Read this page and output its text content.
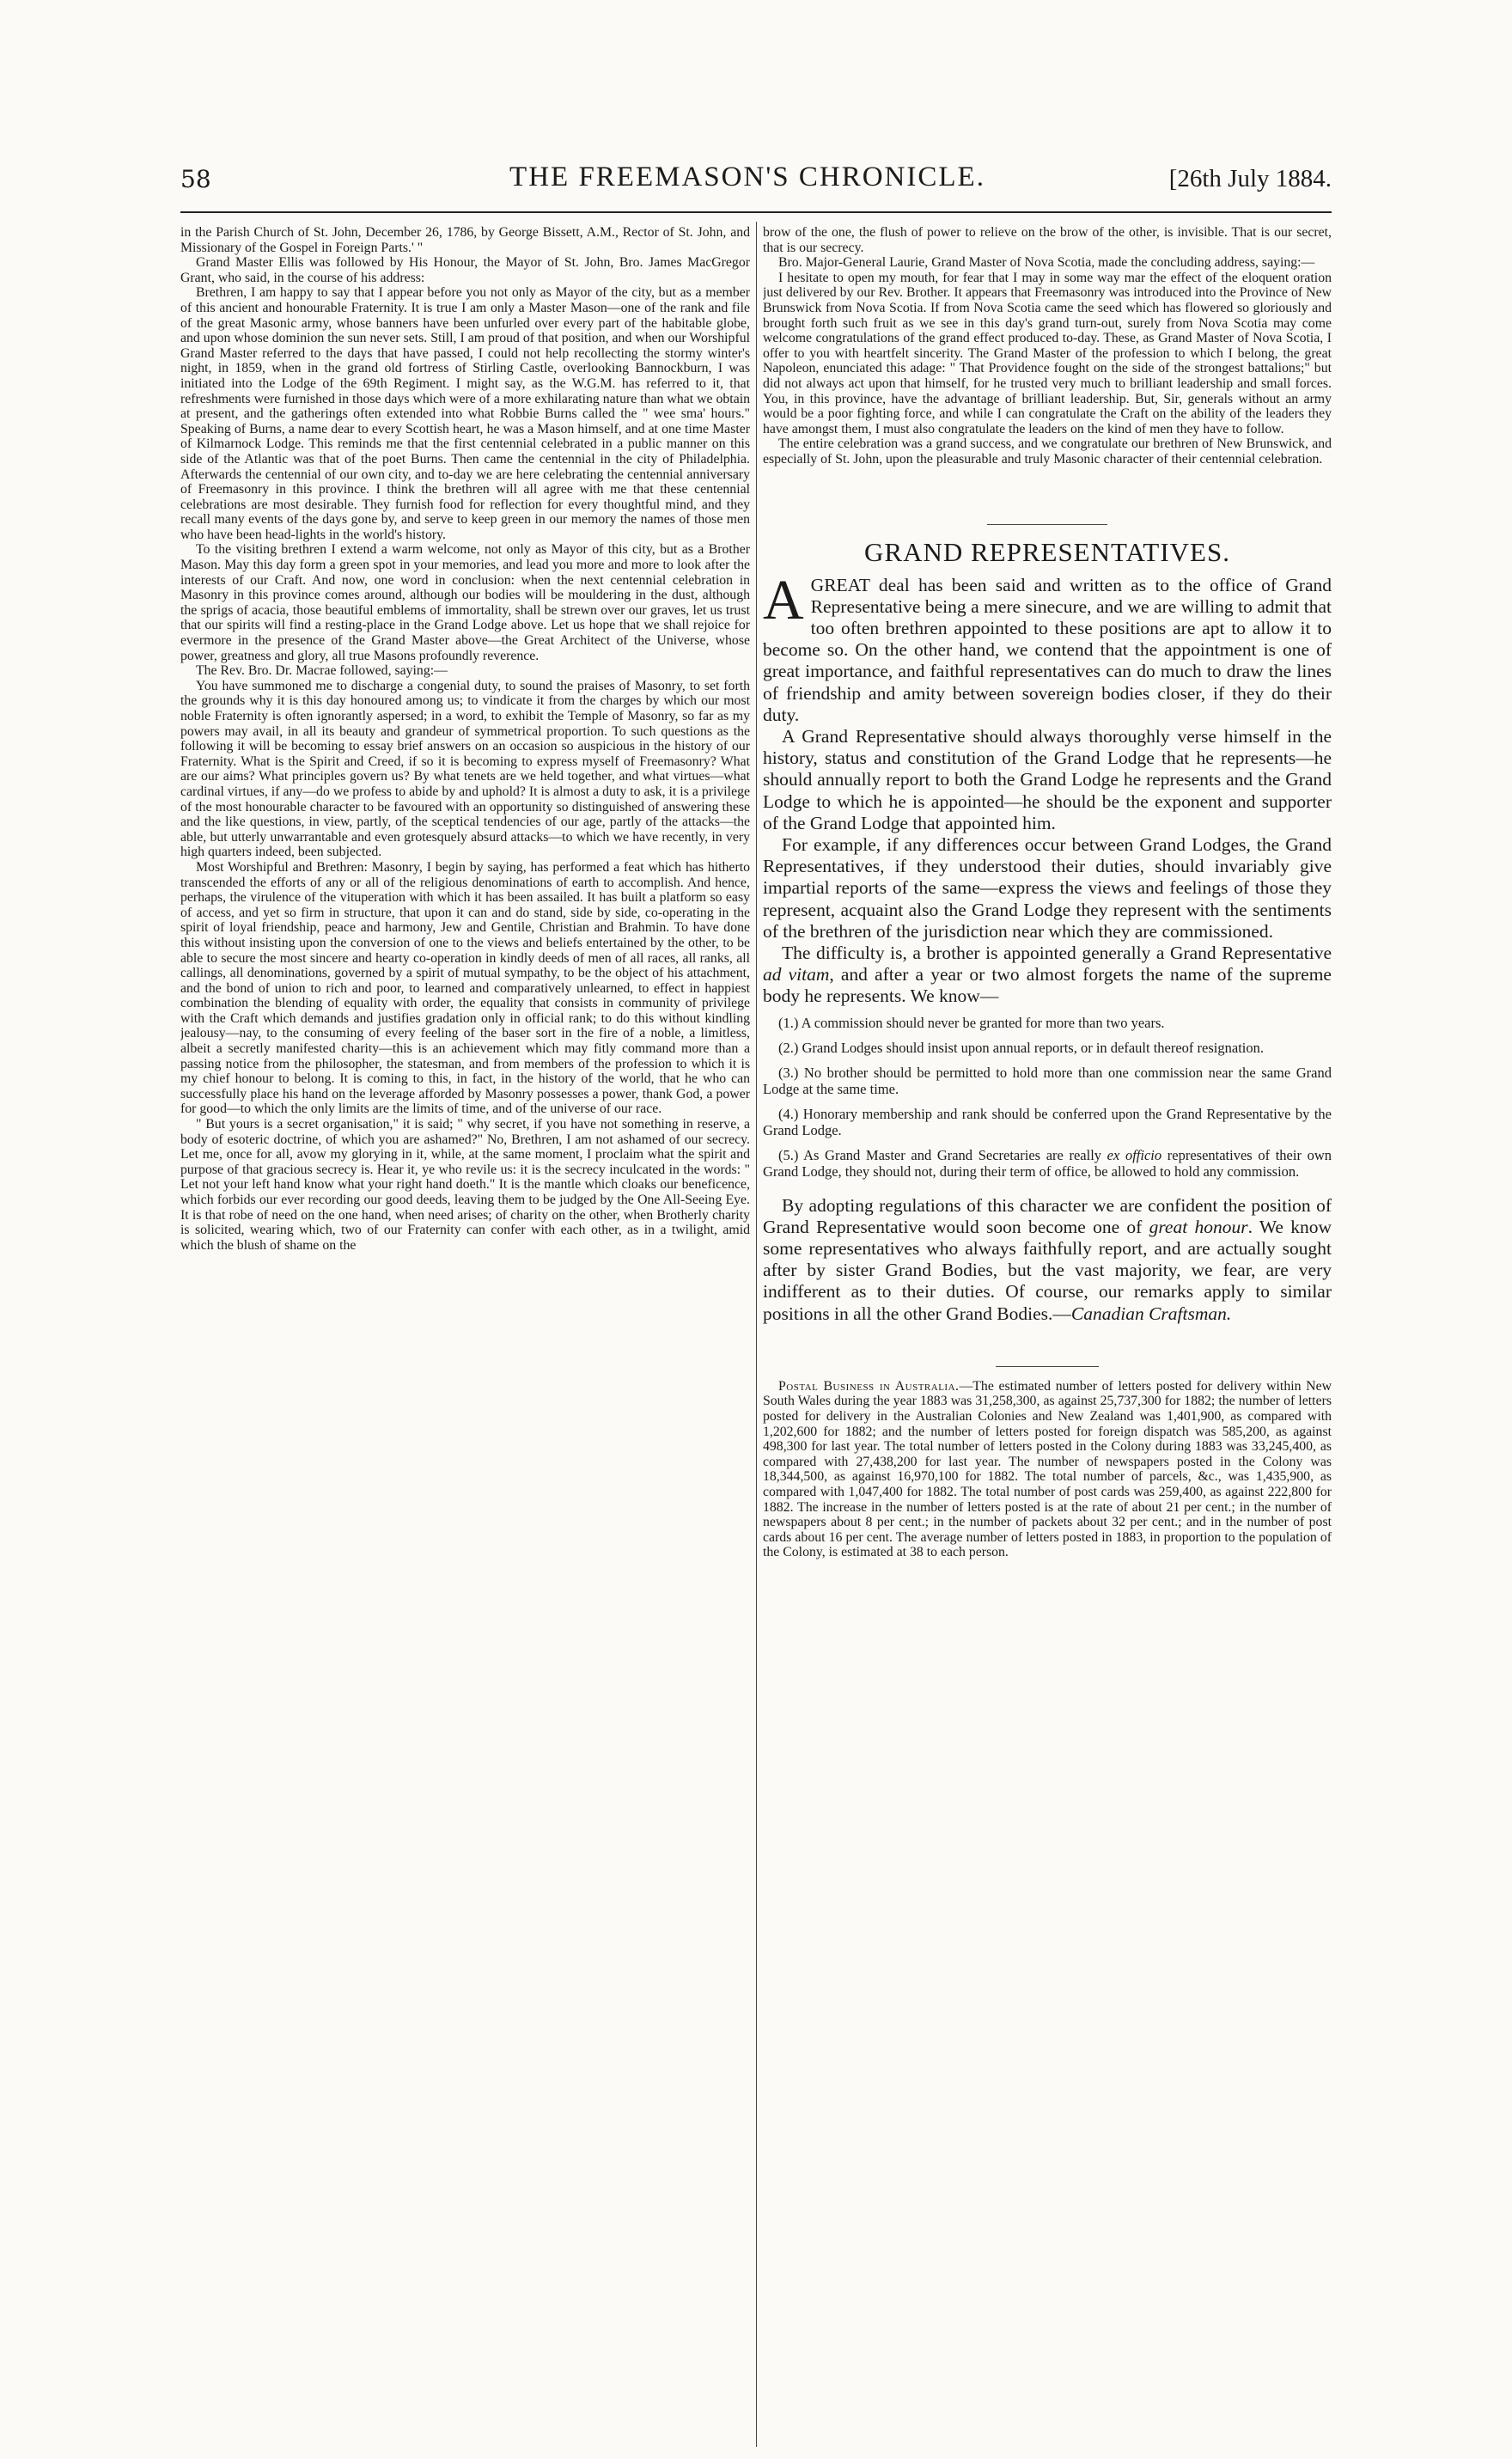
58	THE FREEMASON'S CHRONICLE.	[26th July 1884.

in the Parish Church of St. John, December 26, 1786, by George Bissett, A.M., Rector of St. John, and Missionary of the Gospel in Foreign Parts.' "

Grand Master Ellis was followed by His Honour, the Mayor of St. John, Bro. James MacGregor Grant, who said, in the course of his address:

Brethren, I am happy to say that I appear before you not only as Mayor of the city, but as a member of this ancient and honourable Fraternity. It is true I am only a Master Mason—one of the rank and file of the great Masonic army, whose banners have been unfurled over every part of the habitable globe, and upon whose dominion the sun never sets. Still, I am proud of that position, and when our Worshipful Grand Master referred to the days that have passed, I could not help recollecting the stormy winter's night, in 1859, when in the grand old fortress of Stirling Castle, overlooking Bannockburn, I was initiated into the Lodge of the 69th Regiment. I might say, as the W.G.M. has referred to it, that refreshments were furnished in those days which were of a more exhilarating nature than what we obtain at present, and the gatherings often extended into what Robbie Burns called the " wee sma' hours." Speaking of Burns, a name dear to every Scottish heart, he was a Mason himself, and at one time Master of Kilmarnock Lodge. This reminds me that the first centennial celebrated in a public manner on this side of the Atlantic was that of the poet Burns. Then came the centennial in the city of Philadelphia. Afterwards the centennial of our own city, and to-day we are here celebrating the centennial anniversary of Freemasonry in this province. I think the brethren will all agree with me that these centennial celebrations are most desirable. They furnish food for reflection for every thoughtful mind, and they recall many events of the days gone by, and serve to keep green in our memory the names of those men who have been head-lights in the world's history.

To the visiting brethren I extend a warm welcome, not only as Mayor of this city, but as a Brother Mason. May this day form a green spot in your memories, and lead you more and more to look after the interests of our Craft. And now, one word in conclusion: when the next centennial celebration in Masonry in this province comes around, although our bodies will be mouldering in the dust, although the sprigs of acacia, those beautiful emblems of immortality, shall be strewn over our graves, let us trust that our spirits will find a resting-place in the Grand Lodge above. Let us hope that we shall rejoice for evermore in the presence of the Grand Master above—the Great Architect of the Universe, whose power, greatness and glory, all true Masons profoundly reverence.

The Rev. Bro. Dr. Macrae followed, saying:—

You have summoned me to discharge a congenial duty, to sound the praises of Masonry, to set forth the grounds why it is this day honoured among us; to vindicate it from the charges by which our most noble Fraternity is often ignorantly aspersed; in a word, to exhibit the Temple of Masonry, so far as my powers may avail, in all its beauty and grandeur of symmetrical proportion. To such questions as the following it will be becoming to essay brief answers on an occasion so auspicious in the history of our Fraternity. What is the Spirit and Creed, if so it is becoming to express myself of Freemasonry? What are our aims? What principles govern us? By what tenets are we held together, and what virtues—what cardinal virtues, if any—do we profess to abide by and uphold? It is almost a duty to ask, it is a privilege of the most honourable character to be favoured with an opportunity so distinguished of answering these and the like questions, in view, partly, of the sceptical tendencies of our age, partly of the attacks—the able, but utterly unwarrantable and even grotesquely absurd attacks—to which we have recently, in very high quarters indeed, been subjected.

Most Worshipful and Brethren: Masonry, I begin by saying, has performed a feat which has hitherto transcended the efforts of any or all of the religious denominations of earth to accomplish. And hence, perhaps, the virulence of the vituperation with which it has been assailed. It has built a platform so easy of access, and yet so firm in structure, that upon it can and do stand, side by side, co-operating in the spirit of loyal friendship, peace and harmony, Jew and Gentile, Christian and Brahmin. To have done this without insisting upon the conversion of one to the views and beliefs entertained by the other, to be able to secure the most sincere and hearty co-operation in kindly deeds of men of all races, all ranks, all callings, all denominations, governed by a spirit of mutual sympathy, to be the object of his attachment, and the bond of union to rich and poor, to learned and comparatively unlearned, to effect in happiest combination the blending of equality with order, the equality that consists in community of privilege with the Craft which demands and justifies gradation only in official rank; to do this without kindling jealousy—nay, to the consuming of every feeling of the baser sort in the fire of a noble, a limitless, albeit a secretly manifested charity—this is an achievement which may fitly command more than a passing notice from the philosopher, the statesman, and from members of the profession to which it is my chief honour to belong. It is coming to this, in fact, in the history of the world, that he who can successfully place his hand on the leverage afforded by Masonry possesses a power, thank God, a power for good—to which the only limits are the limits of time, and of the universe of our race.

" But yours is a secret organisation," it is said; " why secret, if you have not something in reserve, a body of esoteric doctrine, of which you are ashamed?" No, Brethren, I am not ashamed of our secrecy. Let me, once for all, avow my glorying in it, while, at the same moment, I proclaim what the spirit and purpose of that gracious secrecy is. Hear it, ye who revile us: it is the secrecy inculcated in the words: " Let not your left hand know what your right hand doeth." It is the mantle which cloaks our beneficence, which forbids our ever recording our good deeds, leaving them to be judged by the One All-Seeing Eye. It is that robe of need on the one hand, when need arises; of charity on the other, when Brotherly charity is solicited, wearing which, two of our Fraternity can confer with each other, as in a twilight, amid which the blush of shame on the

brow of the one, the flush of power to relieve on the brow of the other, is invisible. That is our secret, that is our secrecy.

Bro. Major-General Laurie, Grand Master of Nova Scotia, made the concluding address, saying:—

I hesitate to open my mouth, for fear that I may in some way mar the effect of the eloquent oration just delivered by our Rev. Brother. It appears that Freemasonry was introduced into the Province of New Brunswick from Nova Scotia. If from Nova Scotia came the seed which has flowered so gloriously and brought forth such fruit as we see in this day's grand turn-out, surely from Nova Scotia may come welcome congratulations of the grand effect produced to-day. These, as Grand Master of Nova Scotia, I offer to you with heartfelt sincerity. The Grand Master of the profession to which I belong, the great Napoleon, enunciated this adage: " That Providence fought on the side of the strongest battalions;" but did not always act upon that himself, for he trusted very much to brilliant leadership and small forces. You, in this province, have the advantage of brilliant leadership. But, Sir, generals without an army would be a poor fighting force, and while I can congratulate the Craft on the ability of the leaders they have amongst them, I must also congratulate the leaders on the kind of men they have to follow.

The entire celebration was a grand success, and we congratulate our brethren of New Brunswick, and especially of St. John, upon the pleasurable and truly Masonic character of their centennial celebration.

GRAND REPRESENTATIVES.

AGREAT deal has been said and written as to the office of Grand Representative being a mere sinecure, and we are willing to admit that too often brethren appointed to these positions are apt to allow it to become so. On the other hand, we contend that the appointment is one of great importance, and faithful representatives can do much to draw the lines of friendship and amity between sovereign bodies closer, if they do their duty.

A Grand Representative should always thoroughly verse himself in the history, status and constitution of the Grand Lodge that he represents—he should annually report to both the Grand Lodge he represents and the Grand Lodge to which he is appointed—he should be the exponent and supporter of the Grand Lodge that appointed him.

For example, if any differences occur between Grand Lodges, the Grand Representatives, if they understood their duties, should invariably give impartial reports of the same—express the views and feelings of those they represent, acquaint also the Grand Lodge they represent with the sentiments of the brethren of the jurisdiction near which they are commissioned.

The difficulty is, a brother is appointed generally a Grand Representative ad vitam, and after a year or two almost forgets the name of the supreme body he represents. We know—

(1.) A commission should never be granted for more than two years.

(2.) Grand Lodges should insist upon annual reports, or in default thereof resignation.

(3.) No brother should be permitted to hold more than one commission near the same Grand Lodge at the same time.

(4.) Honorary membership and rank should be conferred upon the Grand Representative by the Grand Lodge.

(5.) As Grand Master and Grand Secretaries are really ex officio representatives of their own Grand Lodge, they should not, during their term of office, be allowed to hold any commission.

By adopting regulations of this character we are confident the position of Grand Representative would soon become one of great honour. We know some representatives who always faithfully report, and are actually sought after by sister Grand Bodies, but the vast majority, we fear, are very indifferent as to their duties. Of course, our remarks apply to similar positions in all the other Grand Bodies.—Canadian Craftsman.

Postal Business in Australia.—The estimated number of letters posted for delivery within New South Wales during the year 1883 was 31,258,300, as against 25,737,300 for 1882; the number of letters posted for delivery in the Australian Colonies and New Zealand was 1,401,900, as compared with 1,202,600 for 1882; and the number of letters posted for foreign dispatch was 585,200, as against 498,300 for last year. The total number of letters posted in the Colony during 1883 was 33,245,400, as compared with 27,438,200 for last year. The number of newspapers posted in the Colony was 18,344,500, as against 16,970,100 for 1882. The total number of parcels, &c., was 1,435,900, as compared with 1,047,400 for 1882. The total number of post cards was 259,400, as against 222,800 for 1882. The increase in the number of letters posted is at the rate of about 21 per cent.; in the number of newspapers about 8 per cent.; in the number of packets about 32 per cent.; and in the number of post cards about 16 per cent. The average number of letters posted in 1883, in proportion to the population of the Colony, is estimated at 38 to each person.
